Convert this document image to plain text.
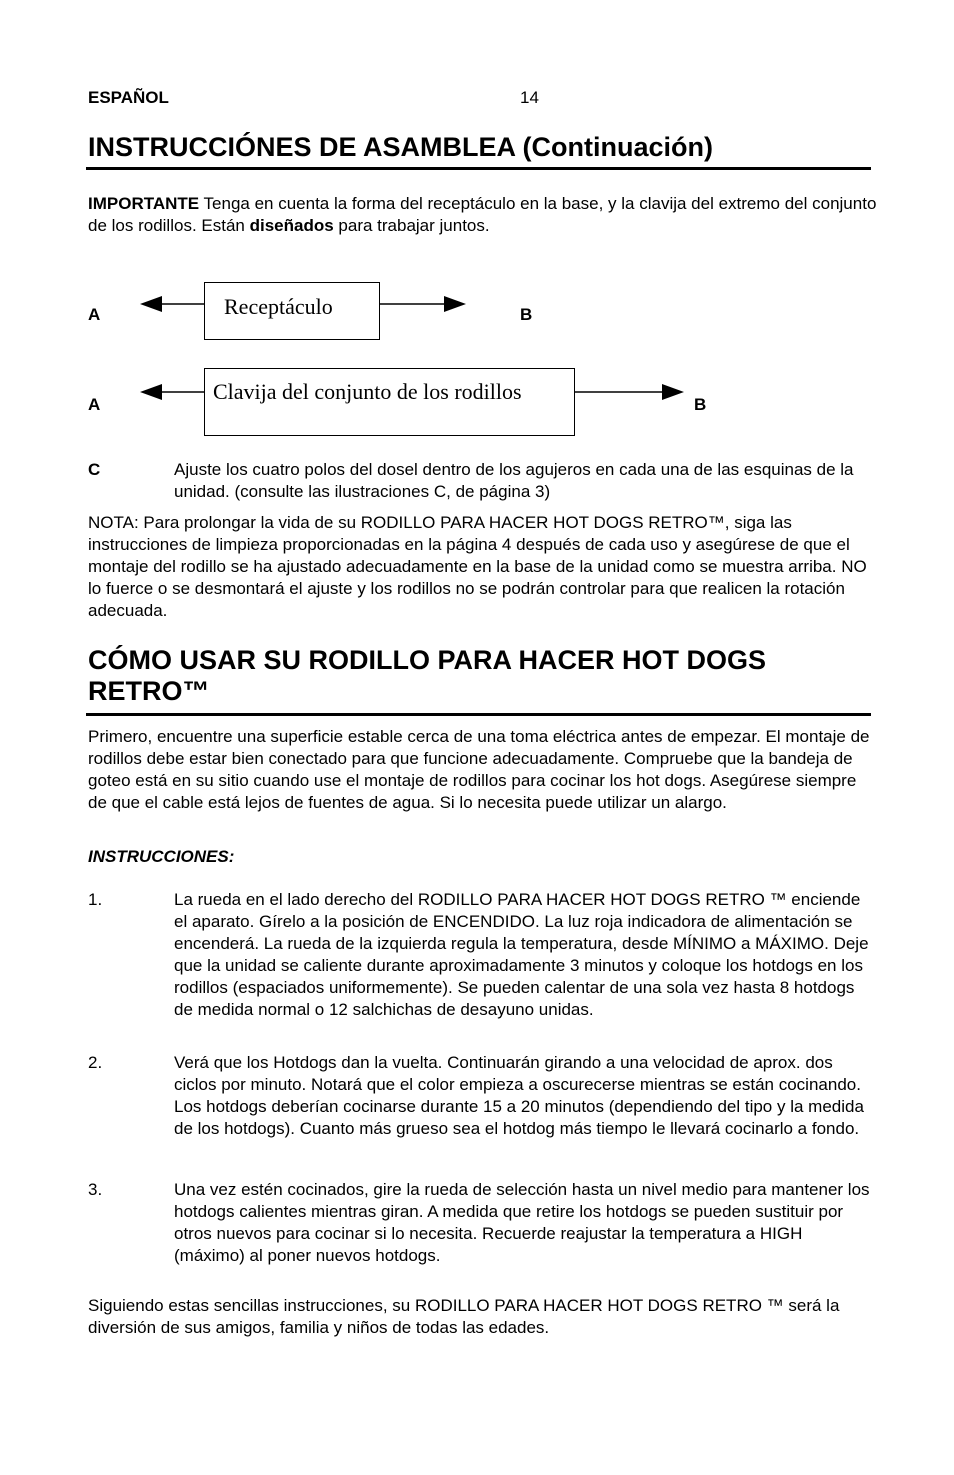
ESPAÑOL	14
INSTRUCCIÓNES DE ASAMBLEA (Continuación)
IMPORTANTE Tenga en cuenta la forma del receptáculo en la base, y la clavija del extremo del conjunto de los rodillos. Están diseñados para trabajar juntos.
A	Receptáculo	B
A
Clavija del conjunto de los rodillos
B
C	Ajuste los cuatro polos del dosel dentro de los agujeros en cada una de las esquinas de la unidad. (consulte las ilustraciones C, de página 3)
NOTA: Para prolongar la vida de su RODILLO PARA HACER HOT DOGS RETRO™, siga las instrucciones de limpieza proporcionadas en la página 4 después de cada uso y asegúrese de que el montaje del rodillo se ha ajustado adecuadamente en la base de la unidad como se muestra arriba. NO lo fuerce o se desmontará el ajuste y los rodillos no se podrán controlar para que realicen la rotación adecuada.
CÓMO USAR SU RODILLO PARA HACER HOT DOGS
RETRO™
Primero, encuentre una superficie estable cerca de una toma eléctrica antes de empezar. El montaje de rodillos debe estar bien conectado para que funcione adecuadamente. Compruebe que la bandeja de goteo está en su sitio cuando use el montaje de rodillos para cocinar los hot dogs. Asegúrese siempre de que el cable está lejos de fuentes de agua. Si lo necesita puede utilizar un alargo.
INSTRUCCIONES:
1.	La rueda en el lado derecho del RODILLO PARA HACER HOT DOGS RETRO ™ enciende el aparato. Gírelo a la posición de ENCENDIDO. La luz roja indicadora de alimentación se encenderá. La rueda de la izquierda regula la temperatura, desde MÍNIMO a MÁXIMO. Deje que la unidad se caliente durante aproximadamente 3 minutos y coloque los hotdogs en los rodillos (espaciados uniformemente). Se pueden calentar de una sola vez hasta 8 hotdogs de medida normal o 12 salchichas de desayuno unidas.
2.	Verá que los Hotdogs dan la vuelta. Continuarán girando a una velocidad de aprox. dos ciclos por minuto. Notará que el color empieza a oscurecerse mientras se están cocinando. Los hotdogs deberían cocinarse durante 15 a 20 minutos (dependiendo del tipo y la medida de los hotdogs). Cuanto más grueso sea el hotdog más tiempo le llevará cocinarlo a fondo.
3.	Una vez estén cocinados, gire la rueda de selección hasta un nivel medio para mantener los hotdogs calientes mientras giran. A medida que retire los hotdogs se pueden sustituir por otros nuevos para cocinar si lo necesita. Recuerde reajustar la temperatura a HIGH (máximo) al poner nuevos hotdogs.
Siguiendo estas sencillas instrucciones, su RODILLO PARA HACER HOT DOGS RETRO ™ será la diversión de sus amigos, familia y niños de todas las edades.
